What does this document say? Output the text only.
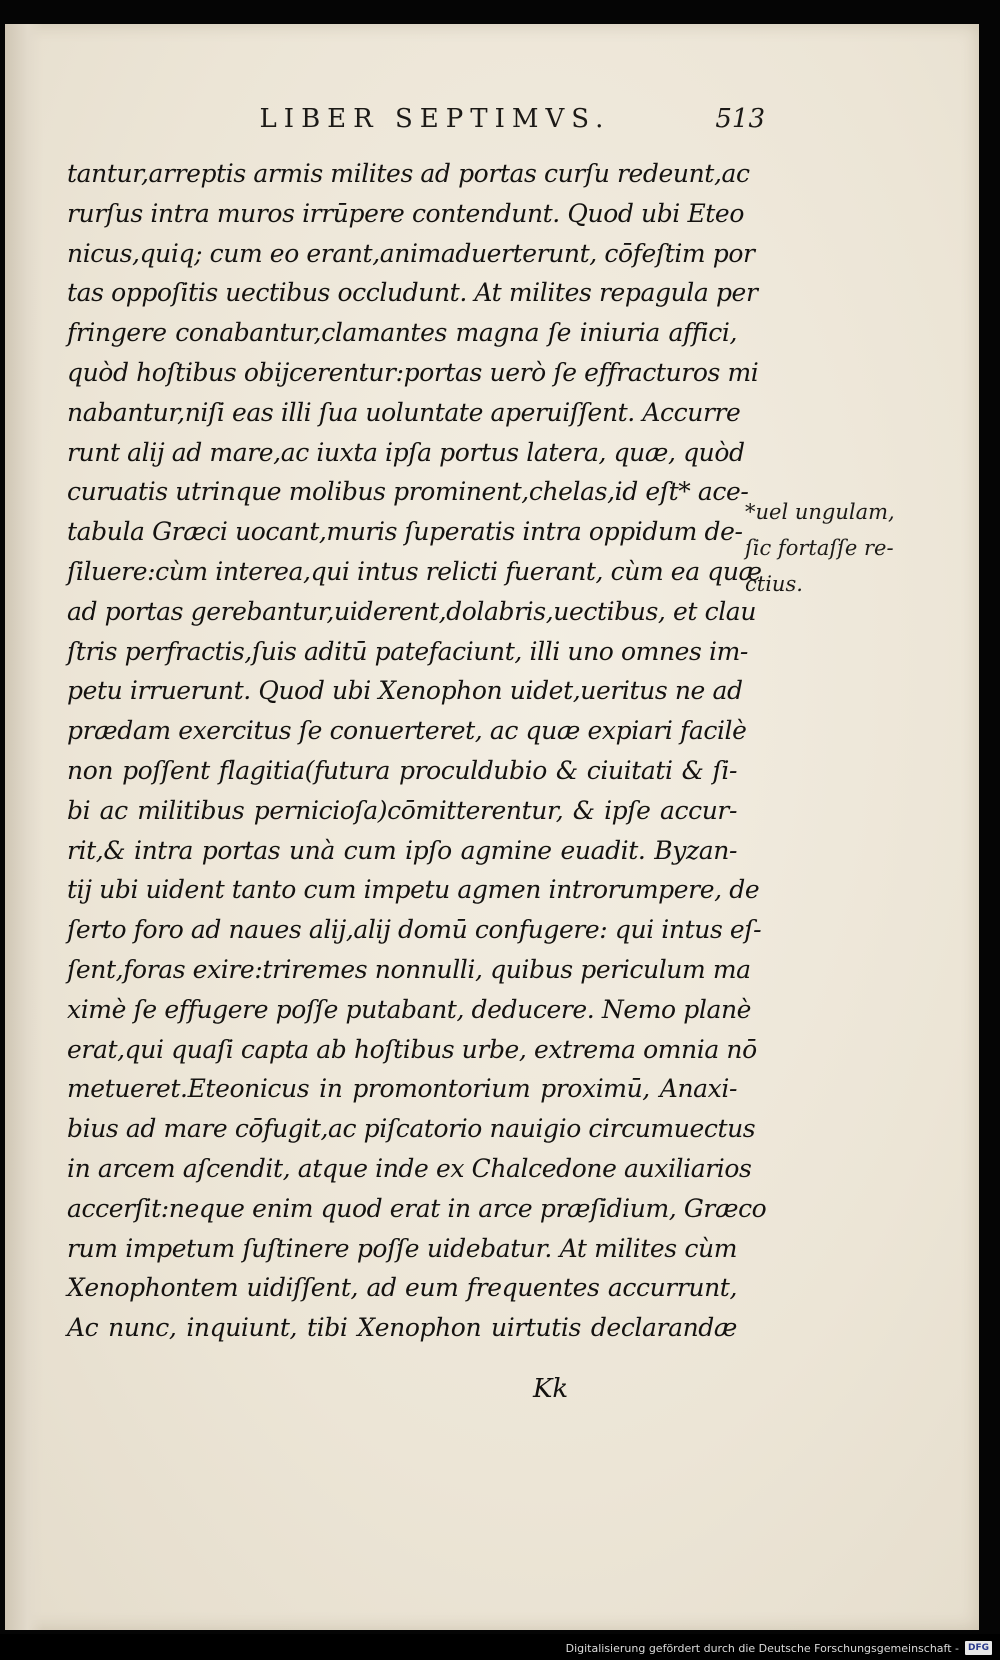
LIBER SEPTIMVS.	513
tantur,arreptis armis milites ad portas curſu redeunt,ac
rurſus intra muros irrūpere contendunt. Quod ubi Eteo
nicus,quiq; cum eo erant,animaduerterunt, cōfeſtim por
tas oppoſitis uectibus occludunt. At milites repagula per
fringere conabantur,clamantes magna ſe iniuria affici,
quòd hoſtibus obijcerentur:portas uerò ſe effracturos mi
nabantur,niſi eas illi ſua uoluntate aperuiſſent. Accurre
runt alij ad mare,ac iuxta ipſa portus latera, quæ, quòd
curuatis utrinque molibus prominent,chelas,id eſt* ace-
tabula Græci uocant,muris ſuperatis intra oppidum de-
ſiluere:cùm interea,qui intus relicti fuerant, cùm ea quæ
ad portas gerebantur,uiderent,dolabris,uectibus, et clau
ſtris perfractis,ſuis aditū patefaciunt, illi uno omnes im-
petu irruerunt. Quod ubi Xenophon uidet,ueritus ne ad
prædam exercitus ſe conuerteret, ac quæ expiari facilè
non poſſent flagitia(futura proculdubio & ciuitati & ſi-
bi ac militibus pernicioſa)cōmitterentur, & ipſe accur-
rit,& intra portas unà cum ipſo agmine euadit. Byzan-
tij ubi uident tanto cum impetu agmen introrumpere, de
ſerto foro ad naues alij,alij domū confugere: qui intus eſ-
ſent,foras exire:triremes nonnulli, quibus periculum ma
ximè ſe effugere poſſe putabant, deducere. Nemo planè
erat,qui quaſi capta ab hoſtibus urbe, extrema omnia nō
metueret.Eteonicus in promontorium proximū, Anaxi-
bius ad mare cōfugit,ac piſcatorio nauigio circumuectus
in arcem aſcendit, atque inde ex Chalcedone auxiliarios
accerſit:neque enim quod erat in arce præſidium, Græco
rum impetum ſuſtinere poſſe uidebatur. At milites cùm
Xenophontem uidiſſent, ad eum frequentes accurrunt,
Ac nunc, inquiunt, tibi Xenophon uirtutis declarandæ
*uel ungulam,
ſic fortaſſe re-
ctius.
Kk
Digitalisierung gefördert durch die Deutsche Forschungsgemeinschaft -	DFG
